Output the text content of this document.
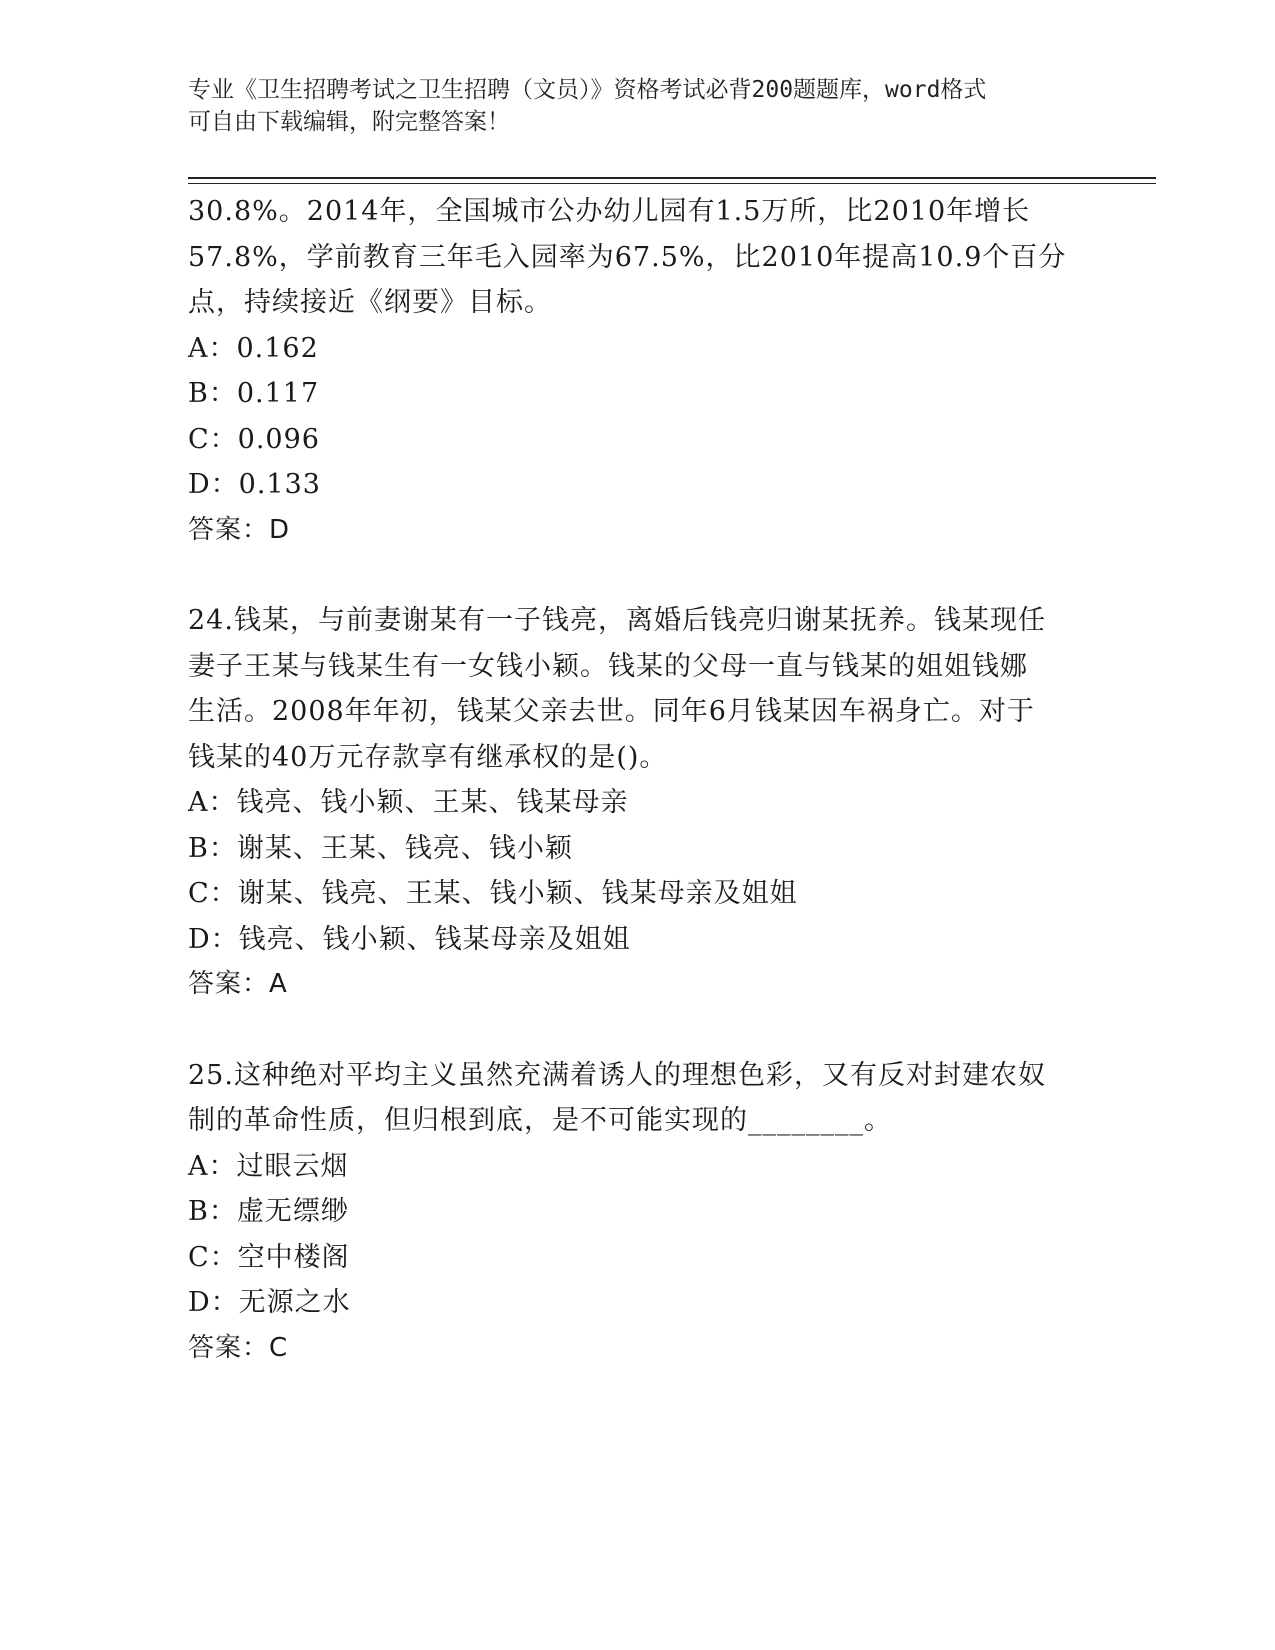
专业《卫生招聘考试之卫生招聘（文员）》资格考试必背200题题库，word格式
可自由下载编辑，附完整答案！
30.8%。2014年，全国城市公办幼儿园有1.5万所，比2010年增长
57.8%，学前教育三年毛入园率为67.5%，比2010年提高10.9个百分
点，持续接近《纲要》目标。
A：0.162
B：0.117
C：0.096
D：0.133
答案：D
24.钱某，与前妻谢某有一子钱亮，离婚后钱亮归谢某抚养。钱某现任
妻子王某与钱某生有一女钱小颖。钱某的父母一直与钱某的姐姐钱娜
生活。2008年年初，钱某父亲去世。同年6月钱某因车祸身亡。对于
钱某的40万元存款享有继承权的是()。
A：钱亮、钱小颖、王某、钱某母亲
B：谢某、王某、钱亮、钱小颖
C：谢某、钱亮、王某、钱小颖、钱某母亲及姐姐
D：钱亮、钱小颖、钱某母亲及姐姐
答案：A
25.这种绝对平均主义虽然充满着诱人的理想色彩，又有反对封建农奴
制的革命性质，但归根到底，是不可能实现的________。
A：过眼云烟
B：虚无缥缈
C：空中楼阁
D：无源之水
答案：C
